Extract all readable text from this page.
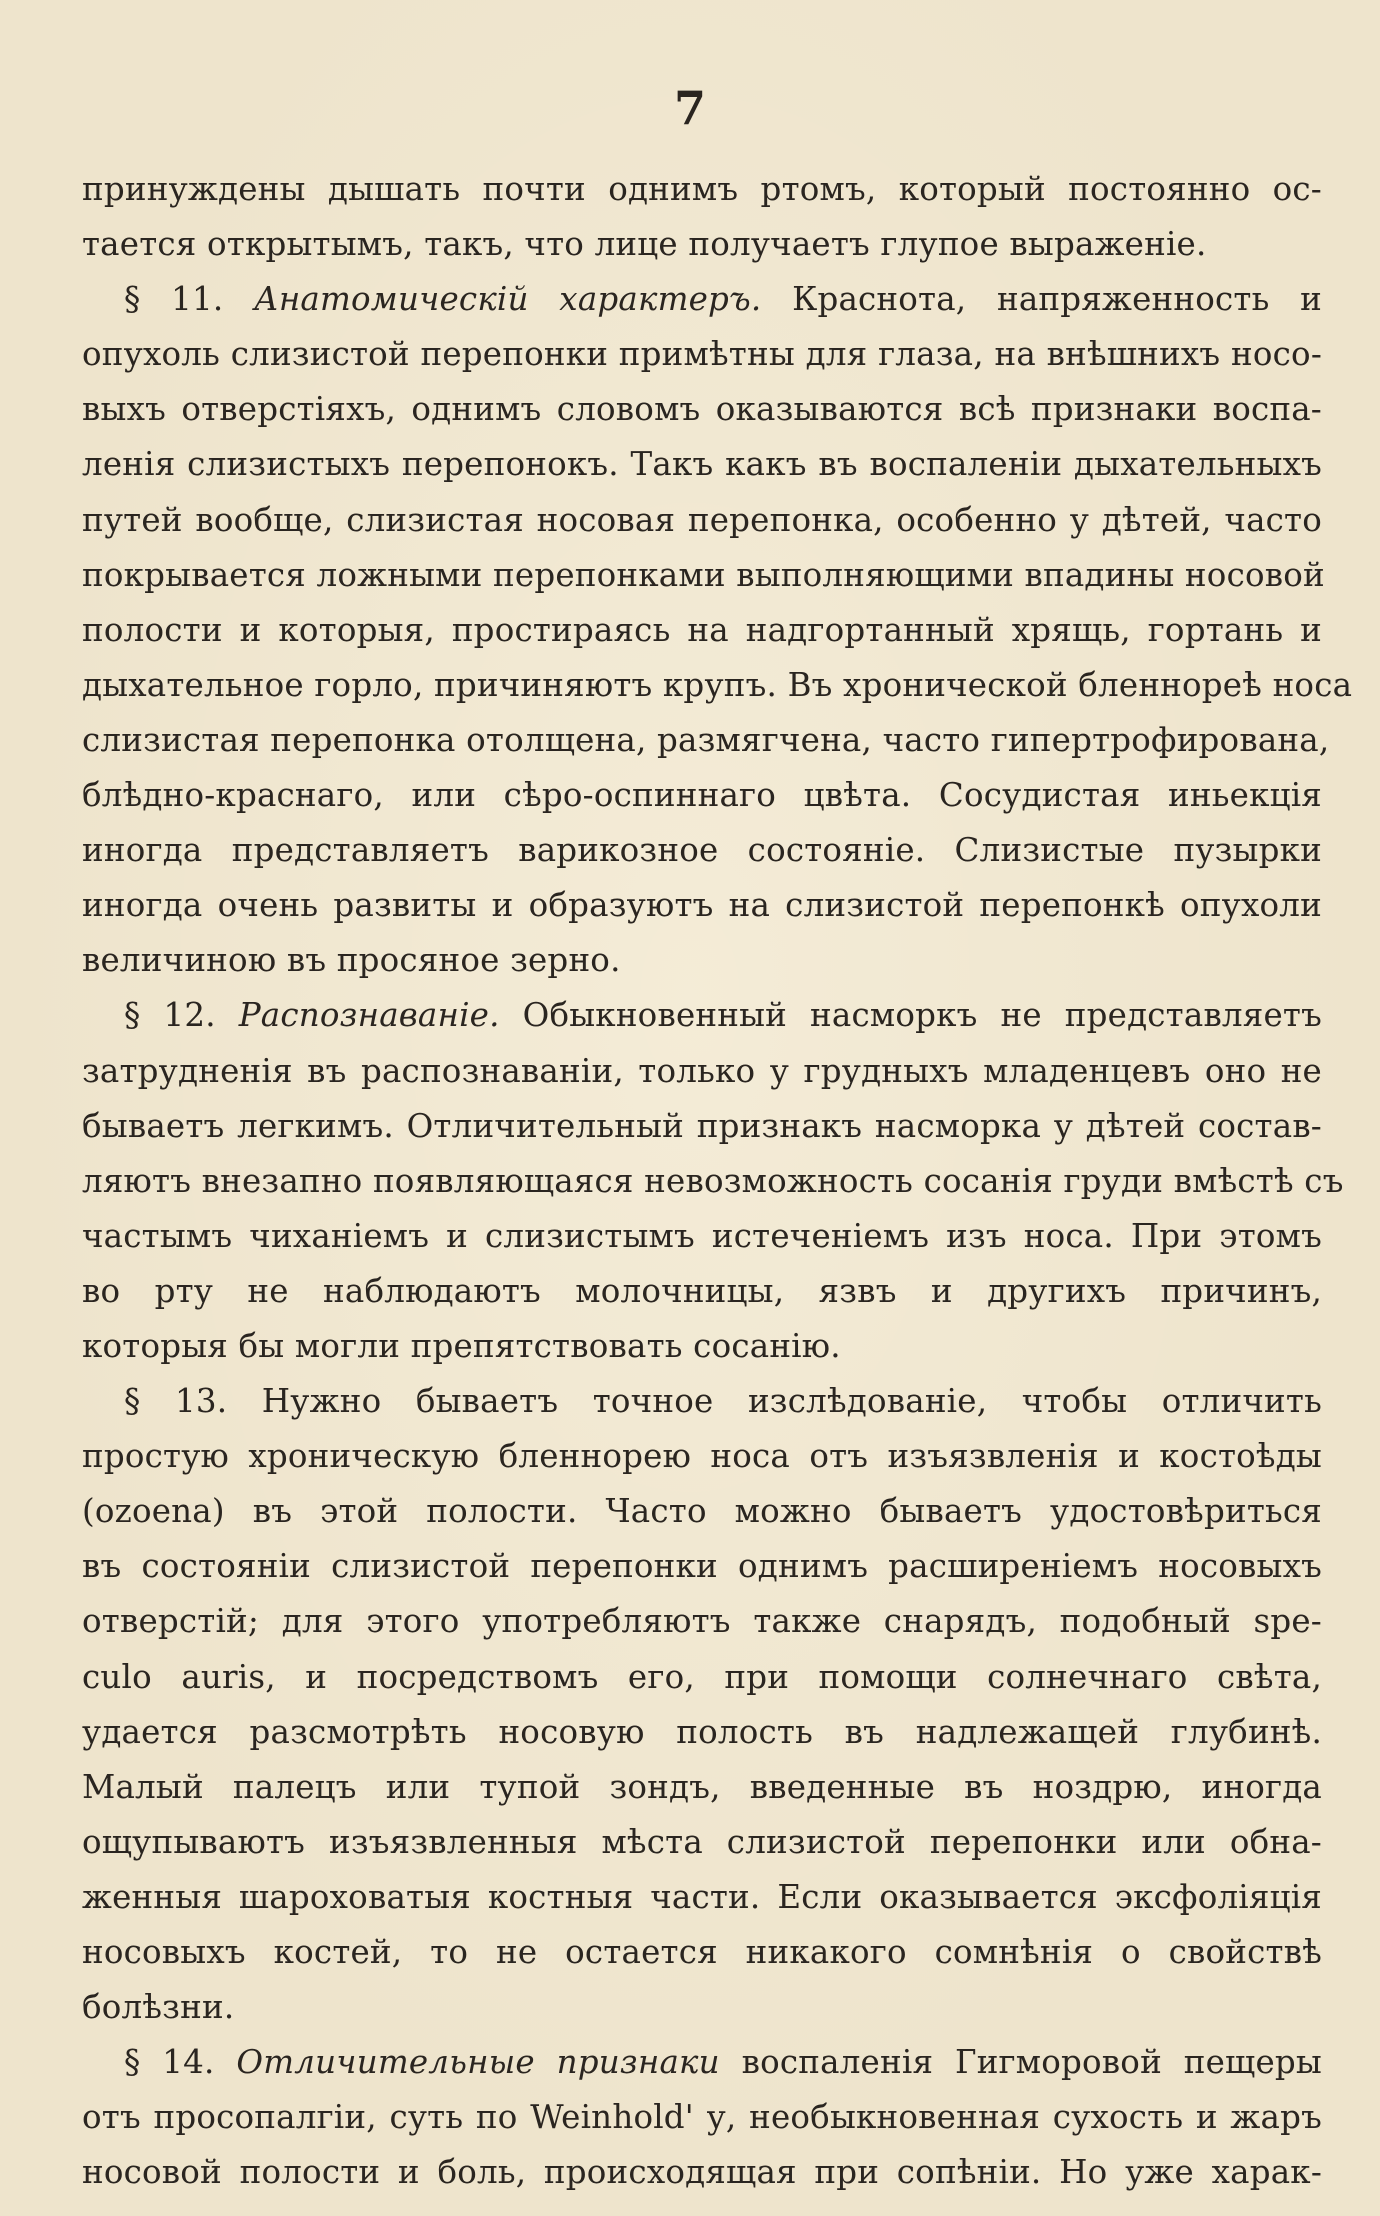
7
принуждены дышать почти однимъ ртомъ, который постоянно ос-
тается открытымъ, такъ, что лице получаетъ глупое выраженіе.
§ 11. Анатомическій характеръ. Краснота, напряженность и
опухоль слизистой перепонки примѣтны для глаза, на внѣшнихъ носо-
выхъ отверстіяхъ, однимъ словомъ оказываются всѣ признаки воспа-
ленія слизистыхъ перепонокъ. Такъ какъ въ воспаленіи дыхательныхъ
путей вообще, слизистая носовая перепонка, особенно у дѣтей, часто
покрывается ложными перепонками выполняющими впадины носовой
полости и которыя, простираясь на надгортанный хрящь, гортань и
дыхательное горло, причиняютъ крупъ. Въ хронической бленнореѣ носа
слизистая перепонка отолщена, размягчена, часто гипертрофирована,
блѣдно-краснаго, или сѣро-оспиннаго цвѣта. Сосудистая иньекція
иногда представляетъ варикозное состояніе. Слизистые пузырки
иногда очень развиты и образуютъ на слизистой перепонкѣ опухоли
величиною въ просяное зерно.
§ 12. Распознаваніе. Обыкновенный насморкъ не представляетъ
затрудненія въ распознаваніи, только у грудныхъ младенцевъ оно не
бываетъ легкимъ. Отличительный признакъ насморка у дѣтей состав-
ляютъ внезапно появляющаяся невозможность сосанія груди вмѣстѣ съ
частымъ чиханіемъ и слизистымъ истеченіемъ изъ носа. При этомъ
во рту не наблюдаютъ молочницы, язвъ и другихъ причинъ,
которыя бы могли препятствовать сосанію.
§ 13. Нужно бываетъ точное изслѣдованіе, чтобы отличить
простую хроническую бленнорею носа отъ изъязвленія и костоѣды
(ozoena) въ этой полости. Часто можно бываетъ удостовѣриться
въ состояніи слизистой перепонки однимъ расширеніемъ носовыхъ
отверстій; для этого употребляютъ также снарядъ, подобный spe-
culo auris, и посредствомъ его, при помощи солнечнаго свѣта,
удается разсмотрѣть носовую полость въ надлежащей глубинѣ.
Малый палецъ или тупой зондъ, введенные въ ноздрю, иногда
ощупываютъ изъязвленныя мѣста слизистой перепонки или обна-
женныя шароховатыя костныя части. Если оказывается эксфоліяція
носовыхъ костей, то не остается никакого сомнѣнія о свойствѣ
болѣзни.
§ 14. Отличительные признаки воспаленія Гигморовой пещеры
отъ просопалгіи, суть по Weinhold' у, необыкновенная сухость и жаръ
носовой полости и боль, происходящая при сопѣніи. Но уже харак-
